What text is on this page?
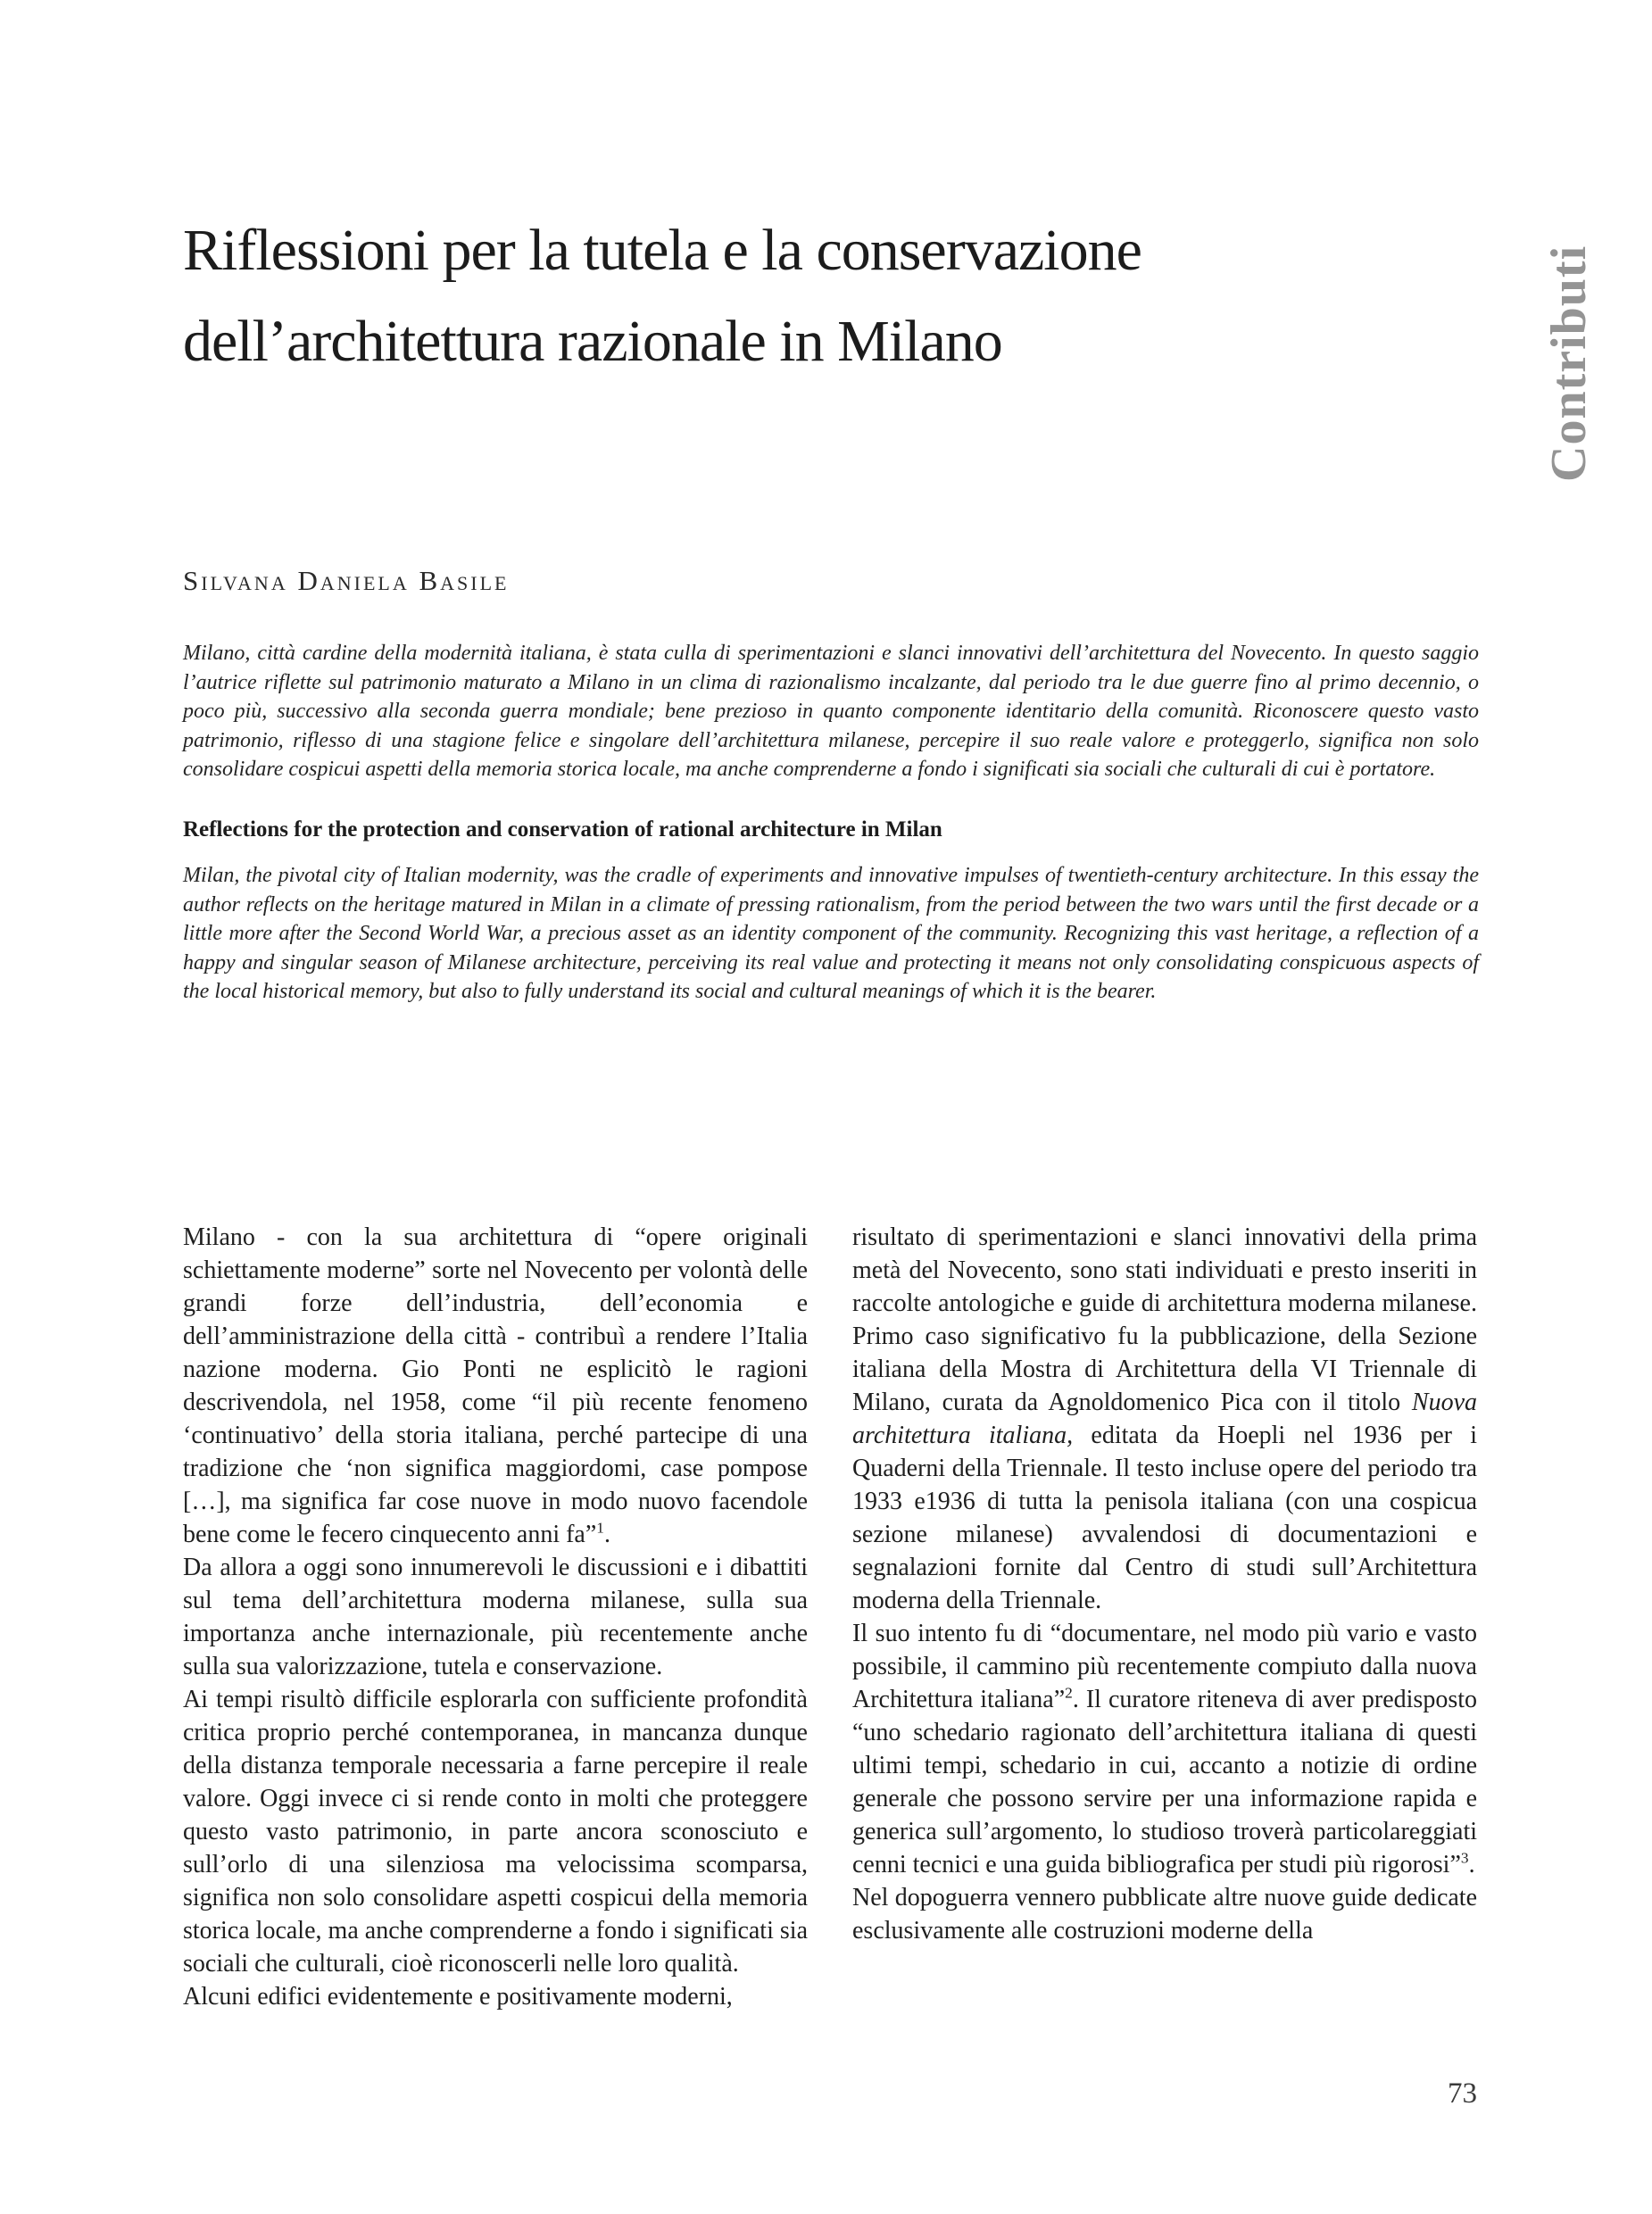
Riflessioni per la tutela e la conservazione
dell’architettura razionale in Milano	Contributi
Silvana Daniela Basile
Milano, città cardine della modernità italiana, è stata culla di sperimentazioni e slanci innovativi dell’architettura del Novecento. In questo saggio l’autrice riflette sul patrimonio maturato a Milano in un clima di razionalismo incalzante, dal periodo tra le due guerre fino al primo decennio, o poco più, successivo alla seconda guerra mondiale; bene prezioso in quanto componente identitario della comunità. Riconoscere questo vasto patrimonio, riflesso di una stagione felice e singolare dell’architettura milanese, percepire il suo reale valore e proteggerlo, significa non solo consolidare cospicui aspetti della memoria storica locale, ma anche comprenderne a fondo i significati sia sociali che culturali di cui è portatore.
Reflections for the protection and conservation of rational architecture in Milan
Milan, the pivotal city of Italian modernity, was the cradle of experiments and innovative impulses of twentieth-century architecture. In this essay the author reflects on the heritage matured in Milan in a climate of pressing rationalism, from the period between the two wars until the first decade or a little more after the Second World War, a precious asset as an identity component of the community. Recognizing this vast heritage, a reflection of a happy and singular season of Milanese architecture, perceiving its real value and protecting it means not only consolidating conspicuous aspects of the local historical memory, but also to fully understand its social and cultural meanings of which it is the bearer.

Milano - con la sua architettura di “opere originali schiettamente moderne” sorte nel Novecento per volontà delle grandi forze dell’industria, dell’economia e dell’amministrazione della città - contribuì a rendere l’Italia nazione moderna. Gio Ponti ne esplicitò le ragioni descrivendola, nel 1958, come “il più recente fenomeno ‘continuativo’ della storia italiana, perché partecipe di una tradizione che ‘non significa maggiordomi, case pompose […], ma significa far cose nuove in modo nuovo facendole bene come le fecero cinquecento anni fa”$^1$.

Da allora a oggi sono innumerevoli le discussioni e i dibattiti sul tema dell’architettura moderna milanese, sulla sua importanza anche internazionale, più recentemente anche sulla sua valorizzazione, tutela e conservazione.

Ai tempi risultò difficile esplorarla con sufficiente profondità critica proprio perché contemporanea, in mancanza dunque della distanza temporale necessaria a farne percepire il reale valore. Oggi invece ci si rende conto in molti che proteggere questo vasto patrimonio, in parte ancora sconosciuto e sull’orlo di una silenziosa ma velocissima scomparsa, significa non solo consolidare aspetti cospicui della memoria storica locale, ma anche comprenderne a fondo i significati sia sociali che culturali, cioè riconoscerli nelle loro qualità.

Alcuni edifici evidentemente e positivamente moderni,

risultato di sperimentazioni e slanci innovativi della prima metà del Novecento, sono stati individuati e presto inseriti in raccolte antologiche e guide di architettura moderna milanese. Primo caso significativo fu la pubblicazione, della Sezione italiana della Mostra di Architettura della VI Triennale di Milano, curata da Agnoldomenico Pica con il titolo Nuova architettura italiana, editata da Hoepli nel 1936 per i Quaderni della Triennale. Il testo incluse opere del periodo tra 1933 e1936 di tutta la penisola italiana (con una cospicua sezione milanese) avvalendosi di documentazioni e segnalazioni fornite dal Centro di studi sull’Architettura moderna della Triennale.

Il suo intento fu di “documentare, nel modo più vario e vasto possibile, il cammino più recentemente compiuto dalla nuova Architettura italiana”$^2$. Il curatore riteneva di aver predisposto “uno schedario ragionato dell’architettura italiana di questi ultimi tempi, schedario in cui, accanto a notizie di ordine generale che possono servire per una informazione rapida e generica sull’argomento, lo studioso troverà particolareggiati cenni tecnici e una guida bibliografica per studi più rigorosi”$^3$.

Nel dopoguerra vennero pubblicate altre nuove guide dedicate esclusivamente alle costruzioni moderne della

73
